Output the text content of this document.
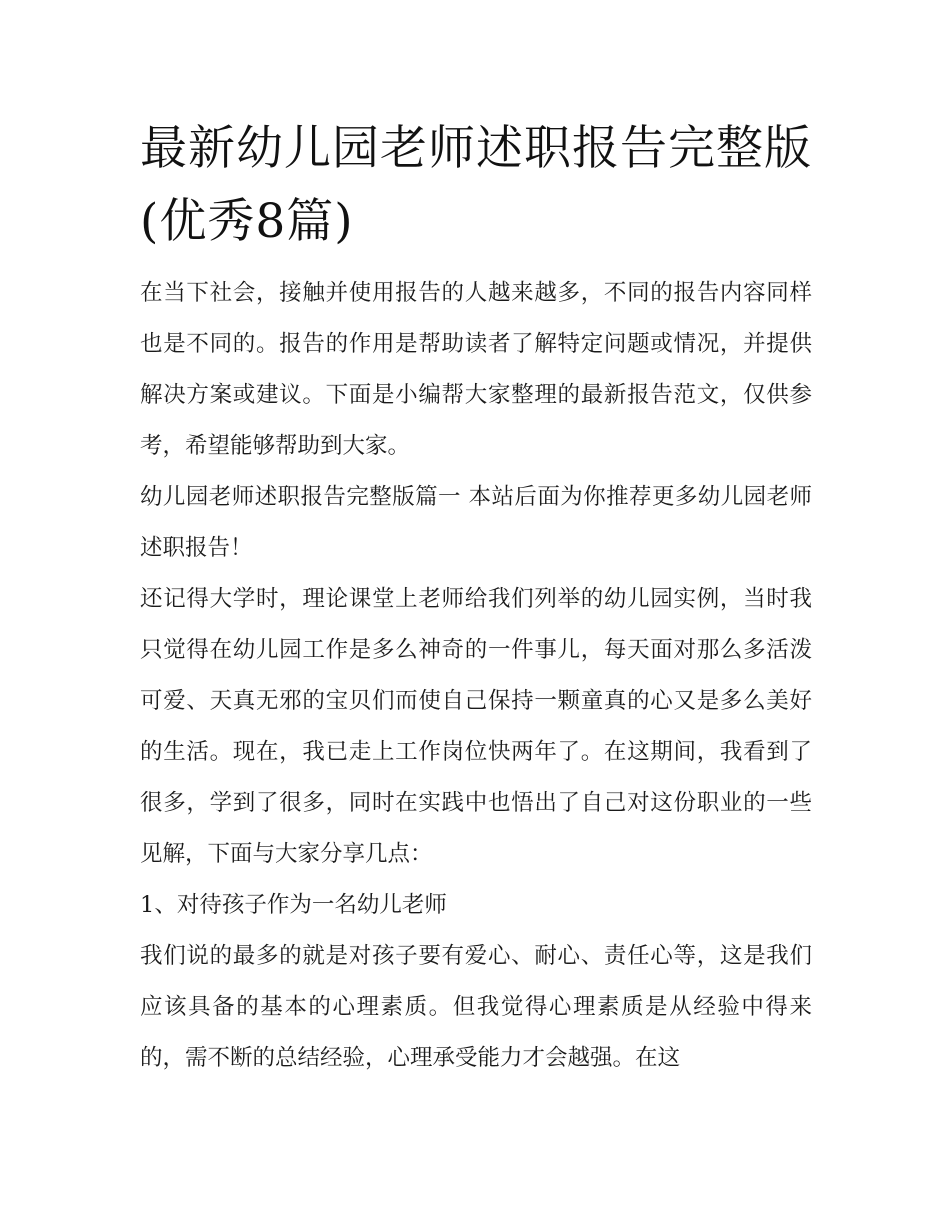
最新幼儿园老师述职报告完整版(优秀8篇)

在当下社会，接触并使用报告的人越来越多，不同的报告内容同样也是不同的。报告的作用是帮助读者了解特定问题或情况，并提供解决方案或建议。下面是小编帮大家整理的最新报告范文，仅供参考，希望能够帮助到大家。

幼儿园老师述职报告完整版篇一 本站后面为你推荐更多幼儿园老师述职报告！

还记得大学时，理论课堂上老师给我们列举的幼儿园实例，当时我只觉得在幼儿园工作是多么神奇的一件事儿，每天面对那么多活泼可爱、天真无邪的宝贝们而使自己保持一颗童真的心又是多么美好的生活。现在，我已走上工作岗位快两年了。在这期间，我看到了很多，学到了很多，同时在实践中也悟出了自己对这份职业的一些见解，下面与大家分享几点：

1、对待孩子作为一名幼儿老师

我们说的最多的就是对孩子要有爱心、耐心、责任心等，这是我们应该具备的基本的心理素质。但我觉得心理素质是从经验中得来的，需不断的总结经验，心理承受能力才会越强。在这
